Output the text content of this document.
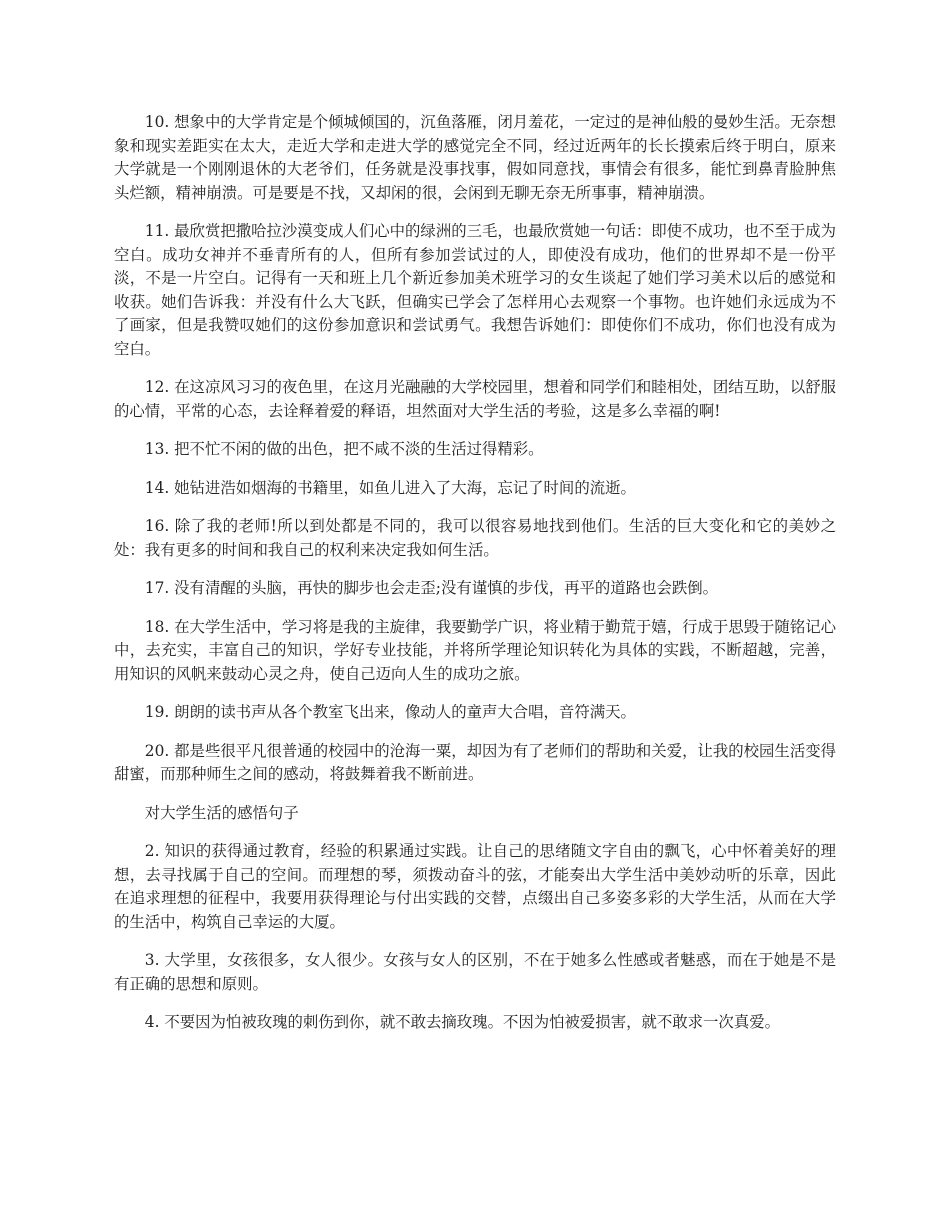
10. 想象中的大学肯定是个倾城倾国的，沉鱼落雁，闭月羞花，一定过的是神仙般的曼妙生活。无奈想象和现实差距实在太大，走近大学和走进大学的感觉完全不同，经过近两年的长长摸索后终于明白，原来大学就是一个刚刚退休的大老爷们，任务就是没事找事，假如同意找，事情会有很多，能忙到鼻青脸肿焦头烂额，精神崩溃。可是要是不找，又却闲的很，会闲到无聊无奈无所事事，精神崩溃。

11. 最欣赏把撒哈拉沙漠变成人们心中的绿洲的三毛，也最欣赏她一句话：即使不成功，也不至于成为空白。成功女神并不垂青所有的人，但所有参加尝试过的人，即使没有成功，他们的世界却不是一份平淡，不是一片空白。记得有一天和班上几个新近参加美术班学习的女生谈起了她们学习美术以后的感觉和收获。她们告诉我：并没有什么大飞跃，但确实已学会了怎样用心去观察一个事物。也许她们永远成为不了画家，但是我赞叹她们的这份参加意识和尝试勇气。我想告诉她们：即使你们不成功，你们也没有成为空白。

12. 在这凉风习习的夜色里，在这月光融融的大学校园里，想着和同学们和睦相处，团结互助，以舒服的心情，平常的心态，去诠释着爱的释语，坦然面对大学生活的考验，这是多么幸福的啊!

13. 把不忙不闲的做的出色，把不咸不淡的生活过得精彩。

14. 她钻进浩如烟海的书籍里，如鱼儿进入了大海，忘记了时间的流逝。

16. 除了我的老师!所以到处都是不同的，我可以很容易地找到他们。生活的巨大变化和它的美妙之处：我有更多的时间和我自己的权利来决定我如何生活。

17. 没有清醒的头脑，再快的脚步也会走歪;没有谨慎的步伐，再平的道路也会跌倒。

18. 在大学生活中，学习将是我的主旋律，我要勤学广识，将业精于勤荒于嬉，行成于思毁于随铭记心中，去充实，丰富自己的知识，学好专业技能，并将所学理论知识转化为具体的实践，不断超越，完善，用知识的风帆来鼓动心灵之舟，使自己迈向人生的成功之旅。

19. 朗朗的读书声从各个教室飞出来，像动人的童声大合唱，音符满天。

20. 都是些很平凡很普通的校园中的沧海一粟，却因为有了老师们的帮助和关爱，让我的校园生活变得甜蜜，而那种师生之间的感动，将鼓舞着我不断前进。

对大学生活的感悟句子

2. 知识的获得通过教育，经验的积累通过实践。让自己的思绪随文字自由的飘飞，心中怀着美好的理想，去寻找属于自己的空间。而理想的琴，须拨动奋斗的弦，才能奏出大学生活中美妙动听的乐章，因此在追求理想的征程中，我要用获得理论与付出实践的交替，点缀出自己多姿多彩的大学生活，从而在大学的生活中，构筑自己幸运的大厦。

3. 大学里，女孩很多，女人很少。女孩与女人的区别，不在于她多么性感或者魅惑，而在于她是不是有正确的思想和原则。

4. 不要因为怕被玫瑰的刺伤到你，就不敢去摘玫瑰。不因为怕被爱损害，就不敢求一次真爱。
